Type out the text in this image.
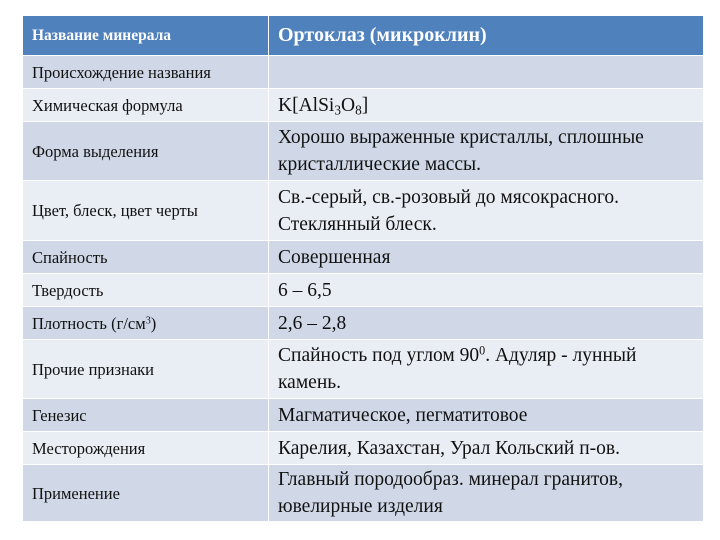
Название минерала	Ортоклаз (микроклин)
Происхождение названия	
Химическая формула	$K[AlSi_3O_8]$
Форма выделения	Хорошо выраженные кристаллы, сплошные кристаллические массы.
Цвет, блеск, цвет черты	Св.-серый, св.-розовый до мясокрасного. Стеклянный блеск.
Спайность	Совершенная
Твердость	6 – 6,5
Плотность $(г/см^3)$	2,6 – 2,8
Прочие признаки	Спайность под углом $90^0$. Адуляр - лунный камень.
Генезис	Магматическое, пегматитовое
Месторождения	Карелия, Казахстан, Урал Кольский п-ов.
Применение	Главный породообраз. минерал гранитов, ювелирные изделия
